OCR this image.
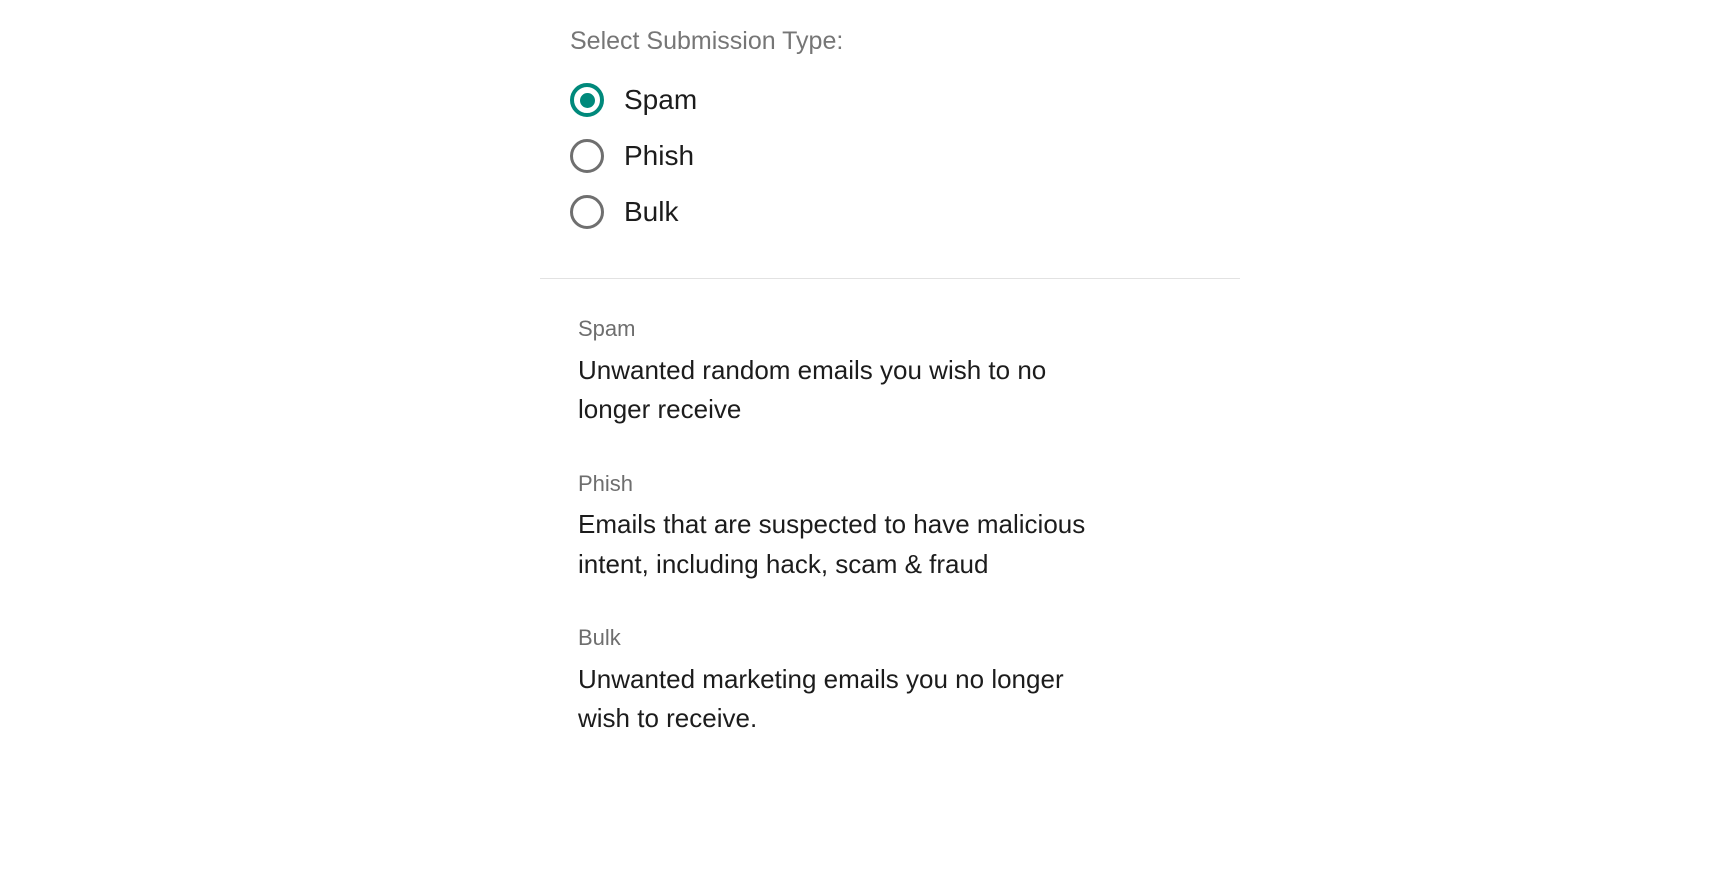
Select Submission Type:
Spam
Phish
Bulk
Spam
Unwanted random emails you wish to no longer receive
Phish
Emails that are suspected to have malicious intent, including hack, scam & fraud
Bulk
Unwanted marketing emails you no longer wish to receive.
